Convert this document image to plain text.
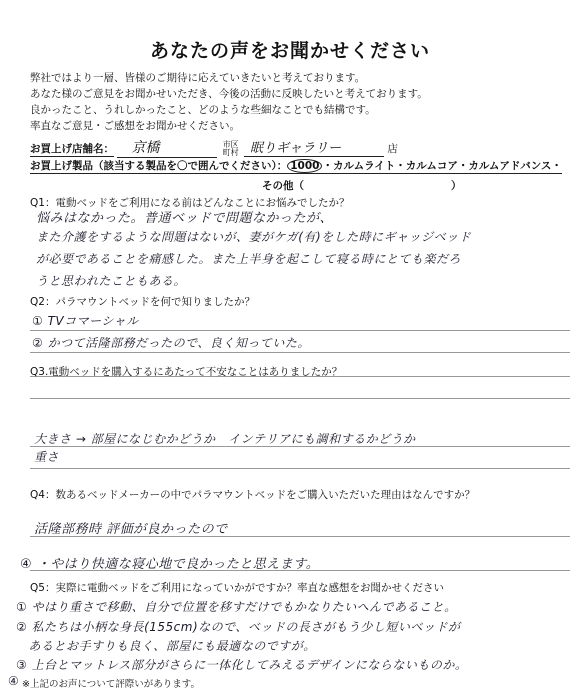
あなたの声をお聞かせください
弊社ではより一層、皆様のご期待に応えていきたいと考えております。
あなた様のご意見をお聞かせいただき、今後の活動に反映したいと考えております。
良かったこと、うれしかったこと、どのような些細なことでも結構です。
率直なご意見・ご感想をお聞かせください。
お買上げ店舗名： 京橋	市区
町村 眠りギャラリー	店
お買上げ製品（該当する製品を〇で囲んでください）： 1000 ・カルムライト・カルムコア・カルムアドバンス・
その他（　　　　　　　　　　　　　　）
Q1：電動ベッドをご利用になる前はどんなことにお悩みでしたか？
悩みはなかった。普通ベッドで問題なかったが、
また介護をするような問題はないが、妻がケガ(有)をした時にギャッジベッド
が必要であることを痛感した。また上半身を起こして寝る時にとても楽だろ
うと思われたこともある。
Q2：パラマウントベッドを何で知りましたか？
① TVコマーシャル
② かつて活隆部務だったので、良く知っていた。
Q3.電動ベッドを購入するにあたって不安なことはありましたか？
大きさ → 部屋になじむかどうか　インテリアにも調和するかどうか
重さ
Q4：数あるベッドメーカーの中でパラマウントベッドをご購入いただいた理由はなんですか？
活隆部務時 評価が良かったので
④ ・やはり快適な寝心地で良かったと思えます。
Q5：実際に電動ベッドをご利用になっていかがですか？率直な感想をお聞かせください
① やはり重さで移動、自分で位置を移すだけでもかなりたいへんであること。
② 私たちは小柄な身長(155cm)なので、ベッドの長さがもう少し短いベッドが
　あるとお手すりも良く、部屋にも最適なのですが。
③ 上台とマットレス部分がさらに一体化してみえるデザインにならないものか。
④ ※上記のお声について評際いがあります。
